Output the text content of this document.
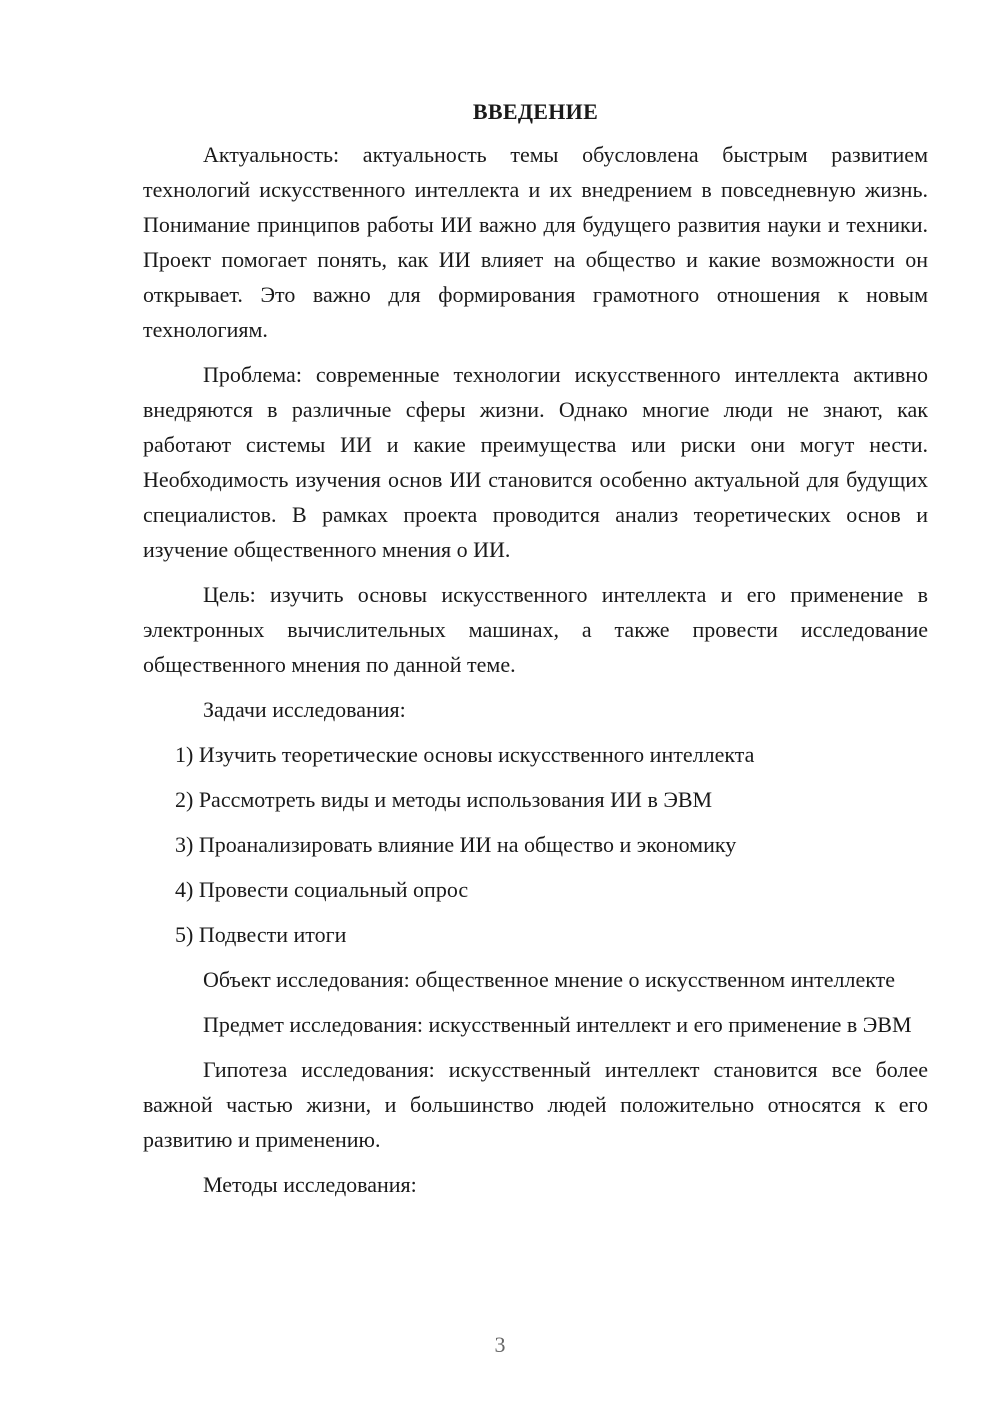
ВВЕДЕНИЕ

Актуальность: актуальность темы обусловлена быстрым развитием технологий искусственного интеллекта и их внедрением в повседневную жизнь. Понимание принципов работы ИИ важно для будущего развития науки и техники. Проект помогает понять, как ИИ влияет на общество и какие возможности он открывает. Это важно для формирования грамотного отношения к новым технологиям.

Проблема: современные технологии искусственного интеллекта активно внедряются в различные сферы жизни. Однако многие люди не знают, как работают системы ИИ и какие преимущества или риски они могут нести. Необходимость изучения основ ИИ становится особенно актуальной для будущих специалистов. В рамках проекта проводится анализ теоретических основ и изучение общественного мнения о ИИ.

Цель: изучить основы искусственного интеллекта и его применение в электронных вычислительных машинах, а также провести исследование общественного мнения по данной теме.

Задачи исследования:

1) Изучить теоретические основы искусственного интеллекта
2) Рассмотреть виды и методы использования ИИ в ЭВМ
3) Проанализировать влияние ИИ на общество и экономику
4) Провести социальный опрос
5) Подвести итоги

Объект исследования: общественное мнение о искусственном интеллекте

Предмет исследования: искусственный интеллект и его применение в ЭВМ

Гипотеза исследования: искусственный интеллект становится все более важной частью жизни, и большинство людей положительно относятся к его развитию и применению.

Методы исследования:

3
